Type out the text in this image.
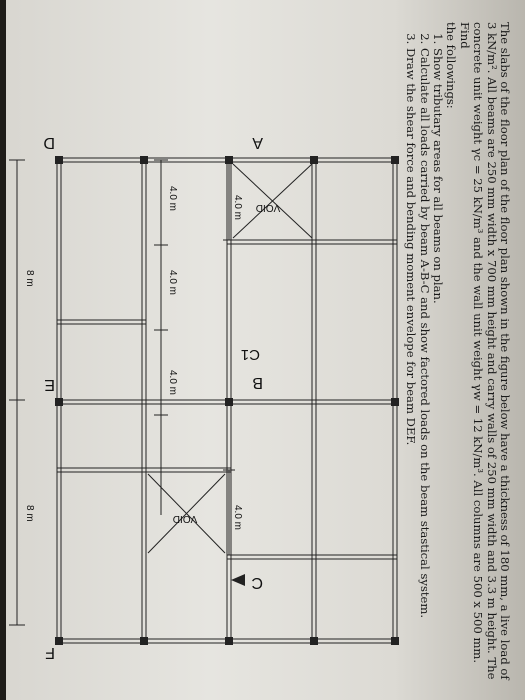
The slabs of the floor plan of the floor plan shown in the figure below have a thickness of 180 mm, a live load of

3 kN/m². All beams are 250 mm width x 700 mm height and carry walls of 250 mm width and 3.3 m height. The

concrete unit weight γc = 25 kN/m³ and the wall unit weight γw = 12 kN/m³. All columns are 500 x 500 mm. Find

the followings:

1. Show tributary areas for all beams on plan.
2. Calculate all loads carried by beam A-B-C and show factored loads on the beam stastical system.
3. Draw the shear force and bending moment envelope for beam DEF.
4.0 m
4.0 m
4.0 m
8 m
8 m
4.0 m
4.0 m
VOID
VOID
A
B
C
D
E
F
C1
